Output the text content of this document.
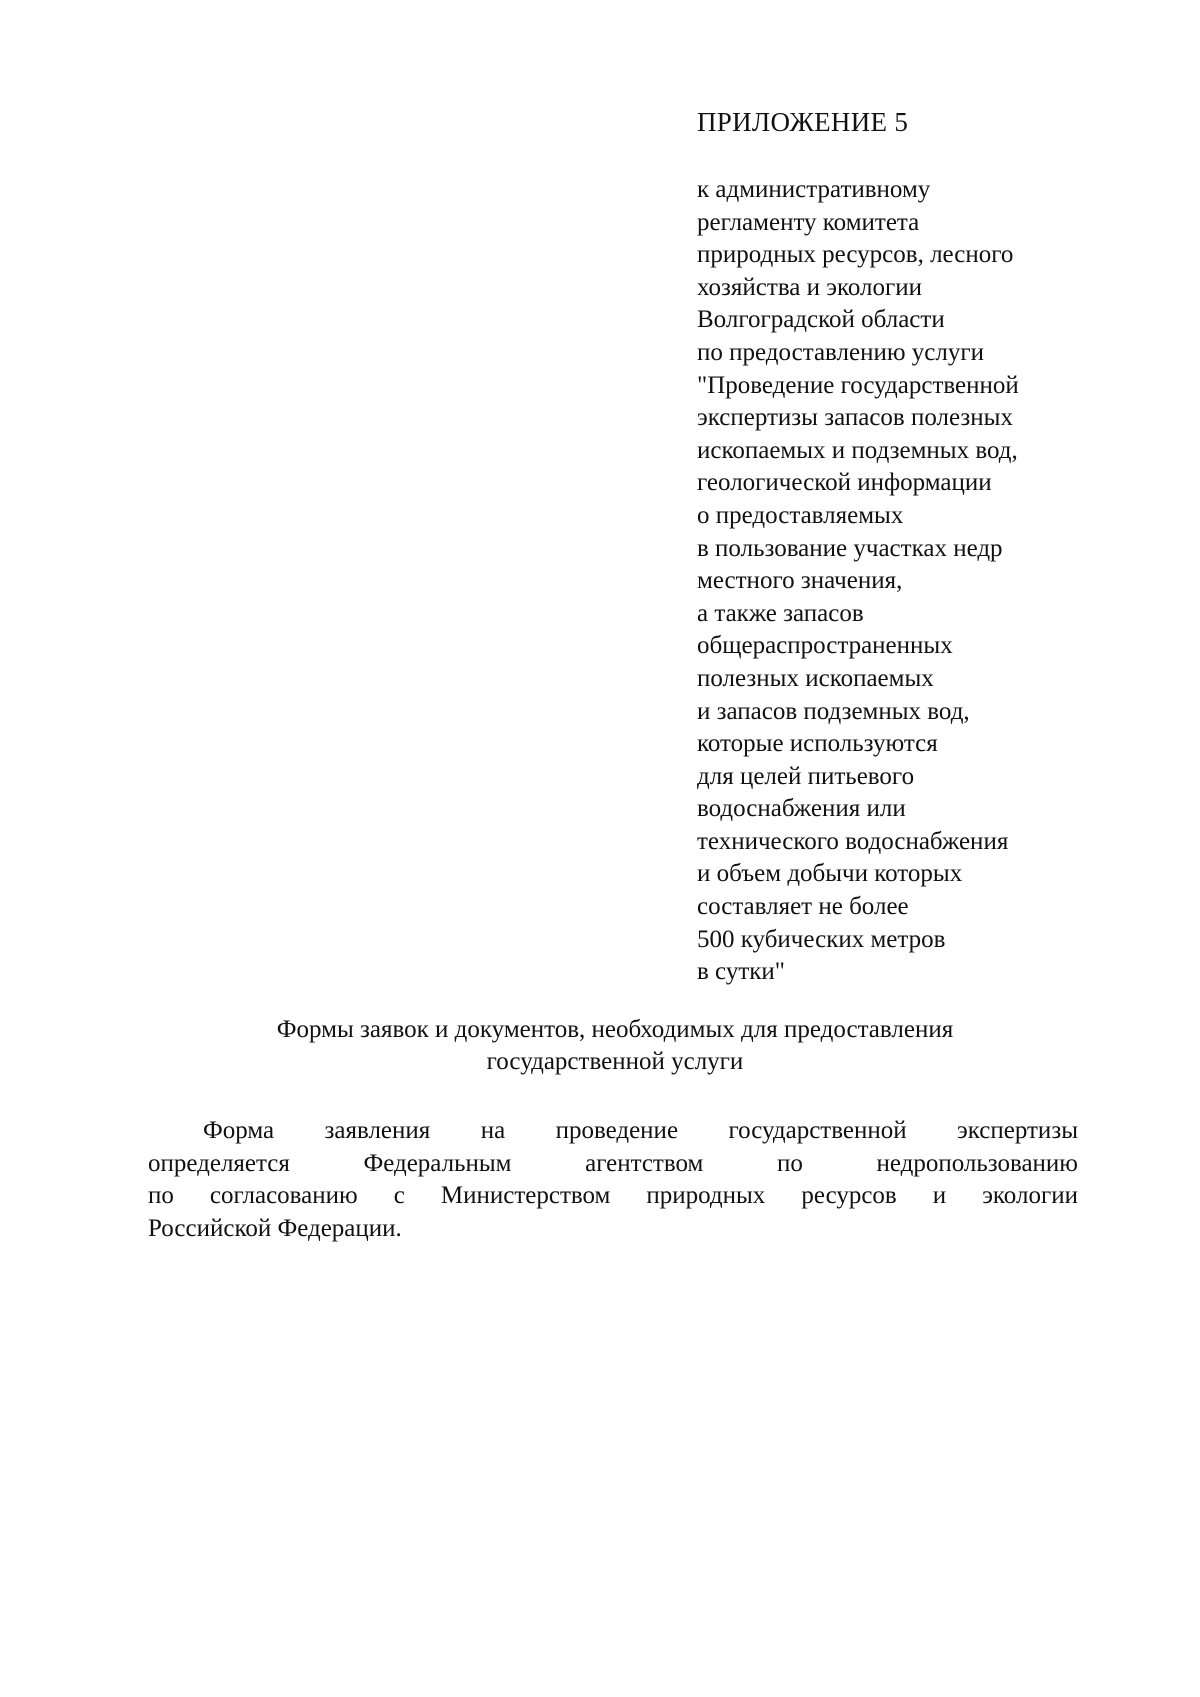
ПРИЛОЖЕНИЕ 5
к административному
регламенту комитета
природных ресурсов, лесного
хозяйства и экологии
Волгоградской области
по предоставлению услуги
"Проведение государственной
экспертизы запасов полезных
ископаемых и подземных вод,
геологической информации
о предоставляемых
в пользование участках недр
местного значения,
а также запасов
общераспространенных
полезных ископаемых
и запасов подземных вод,
которые используются
для целей питьевого
водоснабжения или
технического водоснабжения
и объем добычи которых
составляет не более
500 кубических метров
в сутки"
Формы заявок и документов, необходимых для предоставления
государственной услуги
Форма заявления на проведение государственной экспертизы
определяется	Федеральным	агентством	по	недропользованию
по согласованию с Министерством природных ресурсов и экологии
Российской Федерации.
